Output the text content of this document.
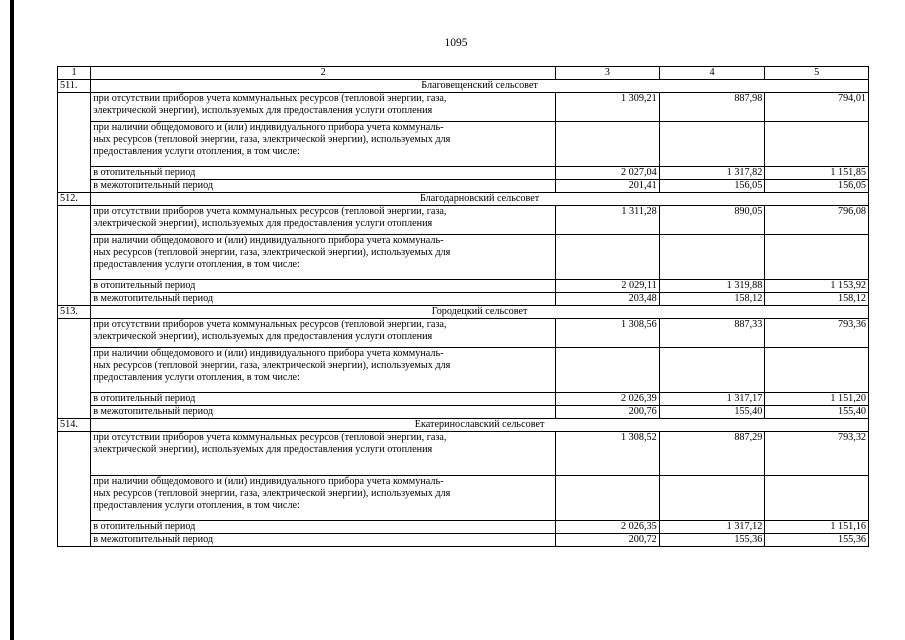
1095
1	2	3	4	5
511.	Благовещенский сельсовет			

	при отсутствии приборов учета коммунальных ресурсов (тепловой энергии, газа,
электрической энергии), используемых для предоставления услуги отопления	1 309,21	887,98	794,01

	при наличии общедомового и (или) индивидуального прибора учета коммуналь-
ных ресурсов (тепловой энергии, газа, электрической энергии), используемых для
предоставления услуги отопления, в том числе:			

	в отопительный период	2 027,04	1 317,82	1 151,85
	в межотопительный период	201,41	156,05	156,05
512.	Благодарновский сельсовет			

	при отсутствии приборов учета коммунальных ресурсов (тепловой энергии, газа,
электрической энергии), используемых для предоставления услуги отопления	1 311,28	890,05	796,08

	при наличии общедомового и (или) индивидуального прибора учета коммуналь-
ных ресурсов (тепловой энергии, газа, электрической энергии), используемых для
предоставления услуги отопления, в том числе:			

	в отопительный период	2 029,11	1 319,88	1 153,92
	в межотопительный период	203,48	158,12	158,12
513.	Городецкий сельсовет			

	при отсутствии приборов учета коммунальных ресурсов (тепловой энергии, газа,
электрической энергии), используемых для предоставления услуги отопления	1 308,56	887,33	793,36

	при наличии общедомового и (или) индивидуального прибора учета коммуналь-
ных ресурсов (тепловой энергии, газа, электрической энергии), используемых для
предоставления услуги отопления, в том числе:			

	в отопительный период	2 026,39	1 317,17	1 151,20
	в межотопительный период	200,76	155,40	155,40
514.	Екатеринославский сельсовет			

	при отсутствии приборов учета коммунальных ресурсов (тепловой энергии, газа,
электрической энергии), используемых для предоставления услуги отопления	1 308,52	887,29	793,32

	при наличии общедомового и (или) индивидуального прибора учета коммуналь-
ных ресурсов (тепловой энергии, газа, электрической энергии), используемых для
предоставления услуги отопления, в том числе:			

	в отопительный период	2 026,35	1 317,12	1 151,16
	в межотопительный период	200,72	155,36	155,36
